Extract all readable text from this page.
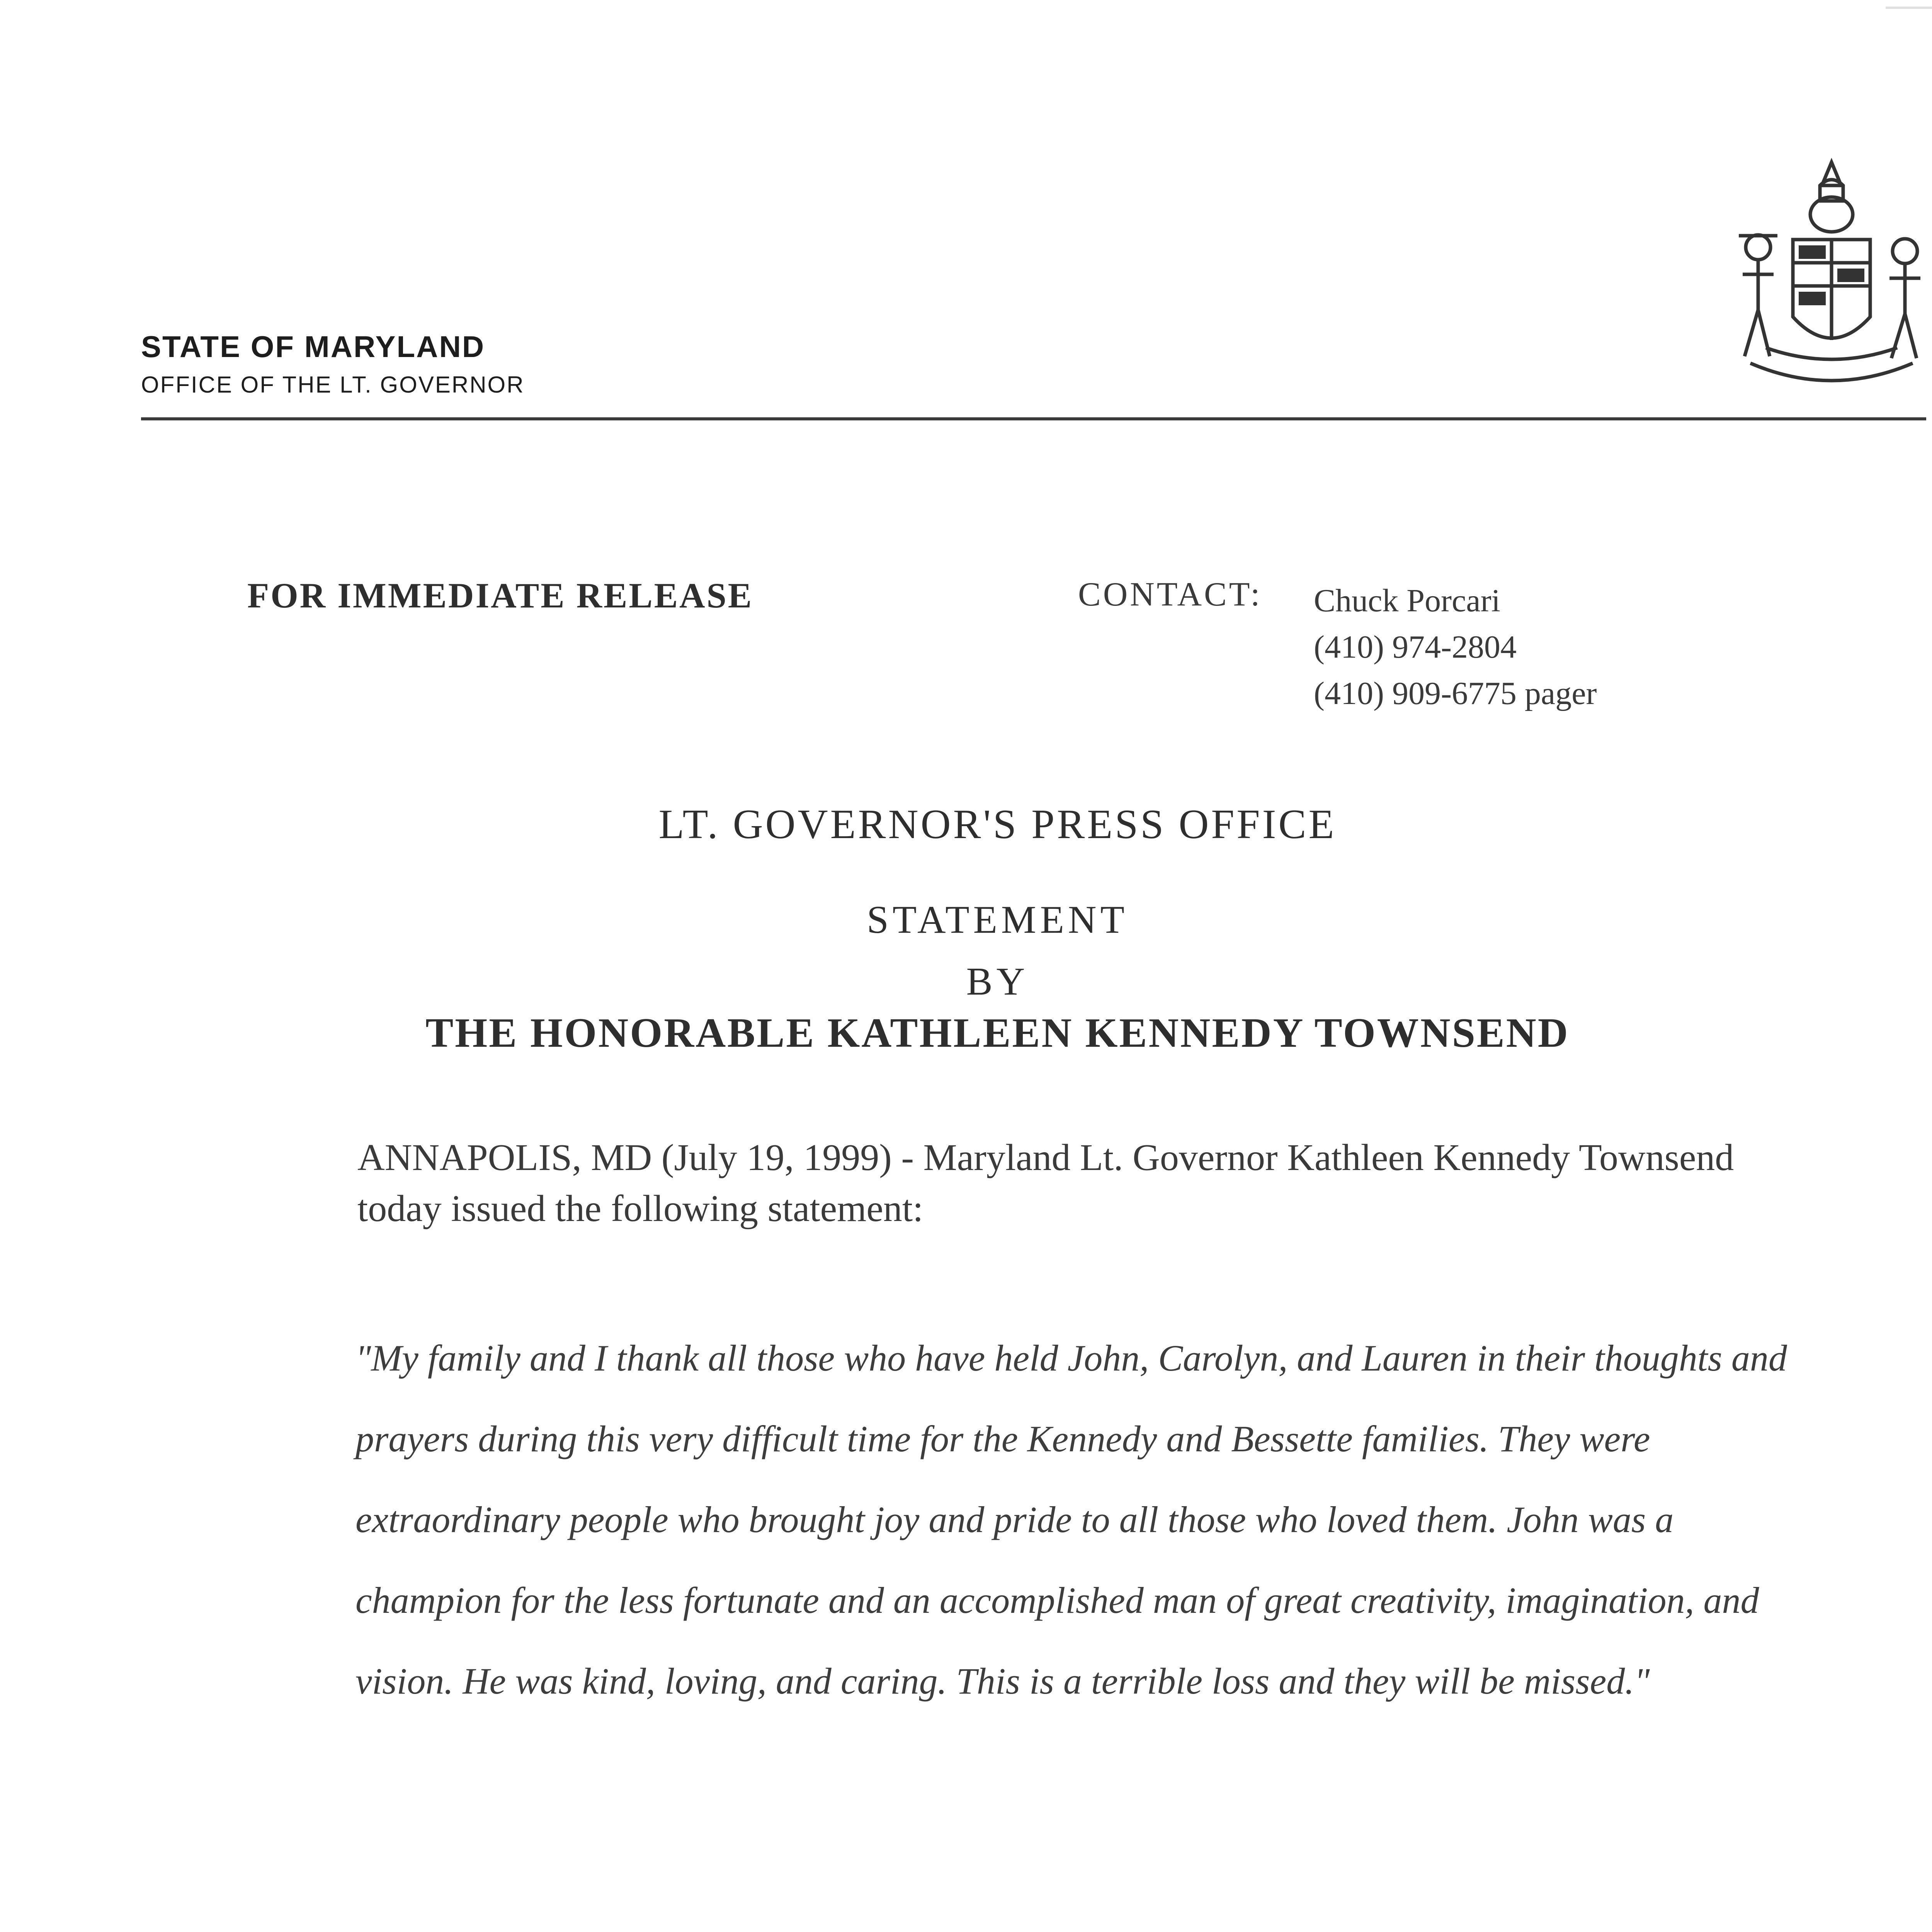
STATE OF MARYLAND
OFFICE OF THE LT. GOVERNOR
FOR IMMEDIATE RELEASE	CONTACT: Chuck Porcari
(410) 974-2804
(410) 909-6775 pager
LT. GOVERNOR'S PRESS OFFICE
STATEMENT
BY
THE HONORABLE KATHLEEN KENNEDY TOWNSEND

ANNAPOLIS, MD (July 19, 1999) - Maryland Lt. Governor Kathleen Kennedy Townsend today issued the following statement:

"My family and I thank all those who have held John, Carolyn, and Lauren in their thoughts and prayers during this very difficult time for the Kennedy and Bessette families. They were extraordinary people who brought joy and pride to all those who loved them. John was a champion for the less fortunate and an accomplished man of great creativity, imagination, and vision. He was kind, loving, and caring. This is a terrible loss and they will be missed."
